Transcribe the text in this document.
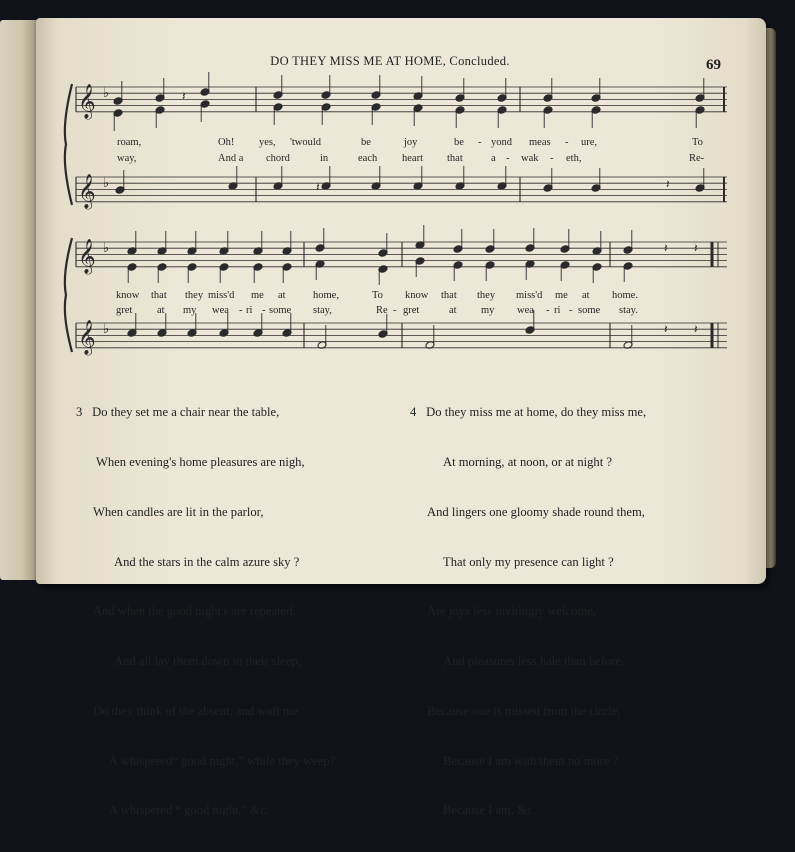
DO THEY MISS ME AT HOME, Concluded.	69
𝄞 ♭
𝄞 ♭
𝄞 ♭
𝄞 ♭
𝄽
𝄽	𝄽
𝄽 𝄽
𝄽 𝄽
roam,	Oh! yes, 'twould	be	joy	be - yond meas - ure,	To
way,	And a chord	in	each heart that	a - wak - eth,	Re-
know that they miss'd me at	home,	To know that they miss'd me at home.
gret at my wea - ri - some stay,	Re - gret	at my wea - ri - some stay.

3 Do they set me a chair near the table,

When evening's home pleasures are nigh,

When candles are lit in the parlor,

And the stars in the calm azure sky ?

And when the good night's are repeated,

And all lay them down to their sleep,

Do they think of the absent, and waft me

A whispered“ good night,” while they weep?

A whispered “ good night,” &c.

4 Do they miss me at home, do they miss me,

At morning, at noon, or at night ?

And lingers one gloomy shade round them,

That only my presence can light ?

Are joys less invitingly welcome,

And pleasures less hale than before,

Because one is missed from the circle,

Because I am with them no more ?

Because I am, &c.
